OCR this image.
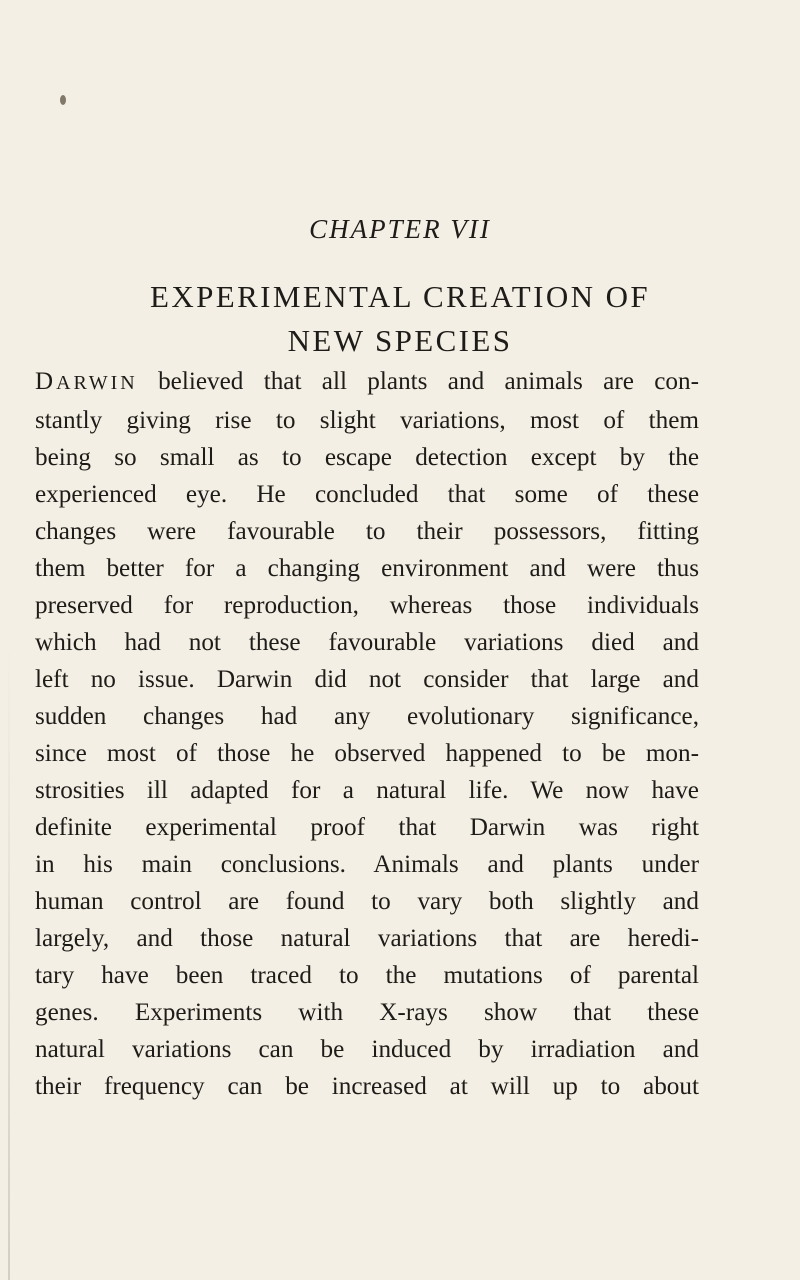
CHAPTER VII
EXPERIMENTAL CREATION OF
NEW SPECIES
DARWIN believed that all plants and animals are con-
stantly giving rise to slight variations, most of them
being so small as to escape detection except by the
experienced eye. He concluded that some of these
changes were favourable to their possessors, fitting
them better for a changing environment and were thus
preserved for reproduction, whereas those individuals
which had not these favourable variations died and
left no issue. Darwin did not consider that large and
sudden changes had any evolutionary significance,
since most of those he observed happened to be mon-
strosities ill adapted for a natural life. We now have
definite experimental proof that Darwin was right
in his main conclusions. Animals and plants under
human control are found to vary both slightly and
largely, and those natural variations that are heredi-
tary have been traced to the mutations of parental
genes. Experiments with X-rays show that these
natural variations can be induced by irradiation and
their frequency can be increased at will up to about
